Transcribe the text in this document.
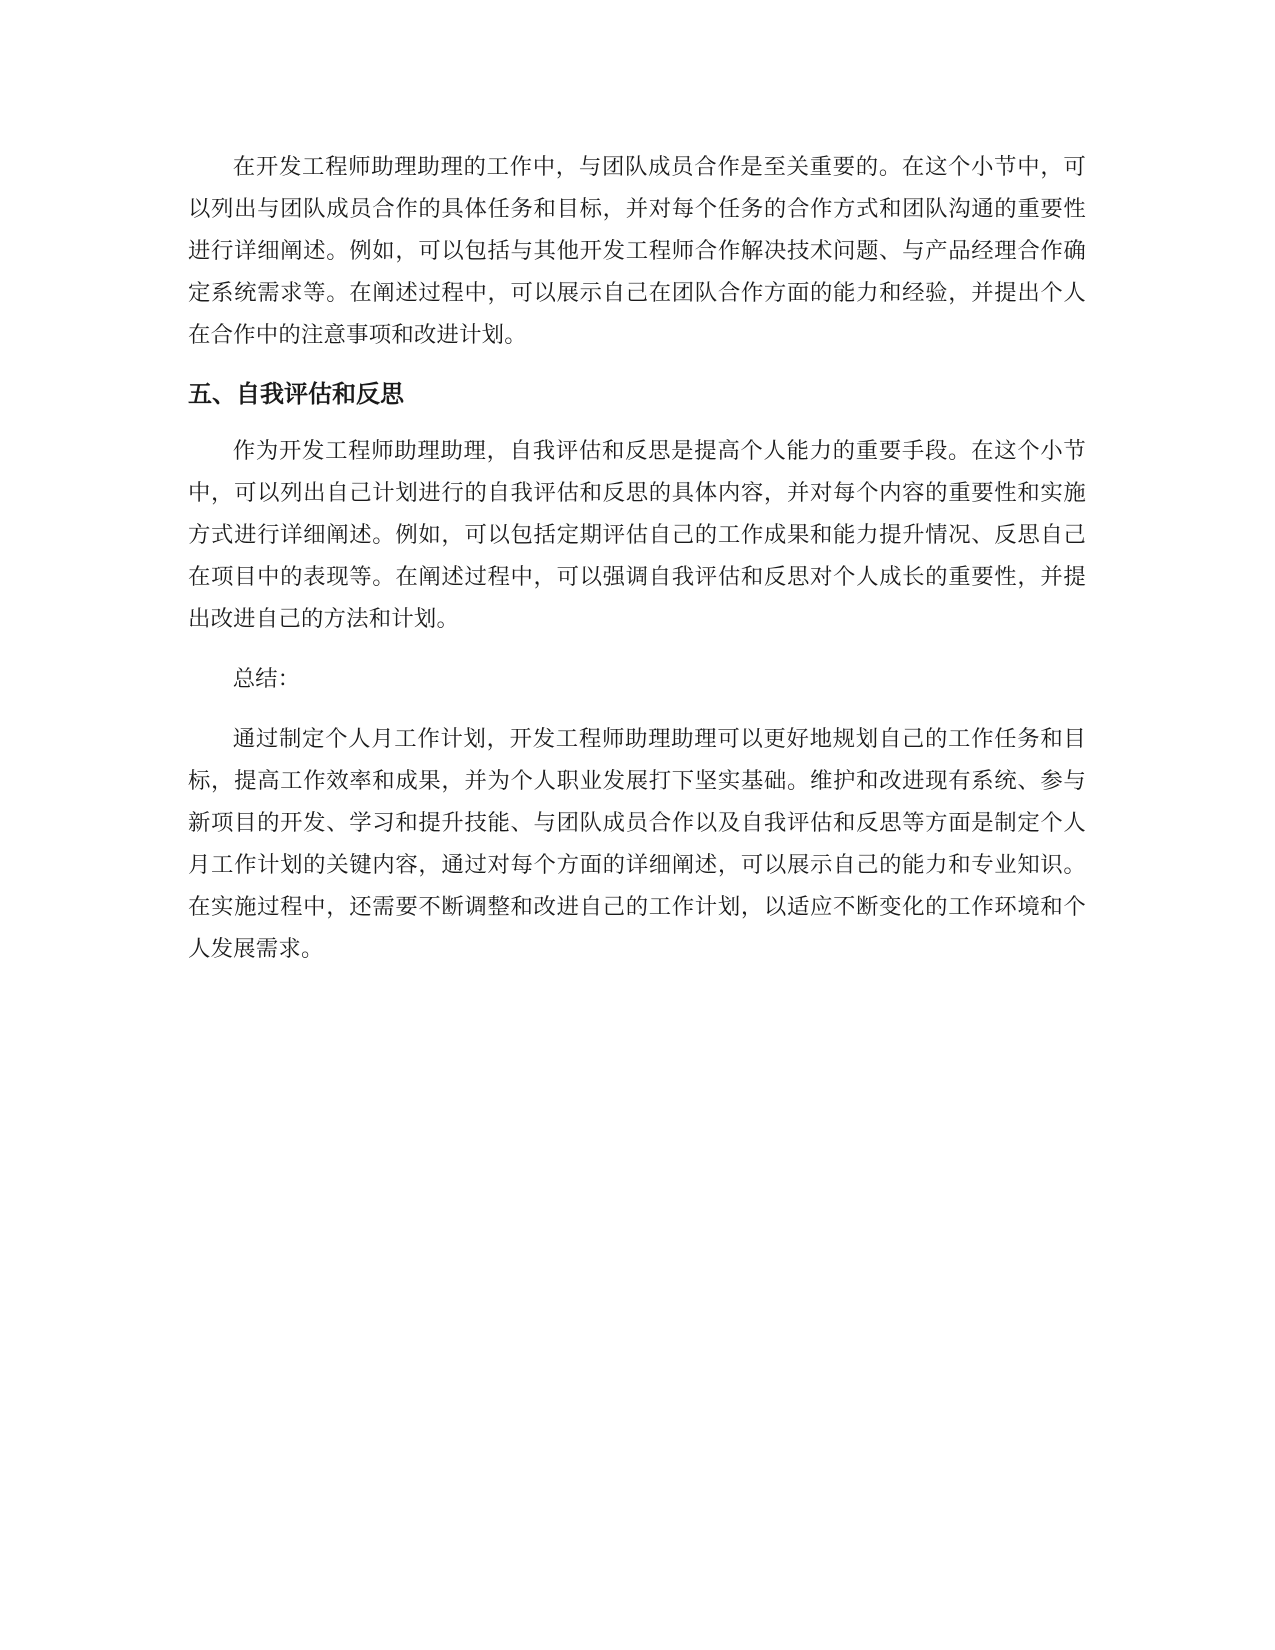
在开发工程师助理助理的工作中，与团队成员合作是至关重要的。在这个小节中，可以列出与团队成员合作的具体任务和目标，并对每个任务的合作方式和团队沟通的重要性进行详细阐述。例如，可以包括与其他开发工程师合作解决技术问题、与产品经理合作确定系统需求等。在阐述过程中，可以展示自己在团队合作方面的能力和经验，并提出个人在合作中的注意事项和改进计划。

五、自我评估和反思

作为开发工程师助理助理，自我评估和反思是提高个人能力的重要手段。在这个小节中，可以列出自己计划进行的自我评估和反思的具体内容，并对每个内容的重要性和实施方式进行详细阐述。例如，可以包括定期评估自己的工作成果和能力提升情况、反思自己在项目中的表现等。在阐述过程中，可以强调自我评估和反思对个人成长的重要性，并提出改进自己的方法和计划。

总结：

通过制定个人月工作计划，开发工程师助理助理可以更好地规划自己的工作任务和目标，提高工作效率和成果，并为个人职业发展打下坚实基础。维护和改进现有系统、参与新项目的开发、学习和提升技能、与团队成员合作以及自我评估和反思等方面是制定个人月工作计划的关键内容，通过对每个方面的详细阐述，可以展示自己的能力和专业知识。在实施过程中，还需要不断调整和改进自己的工作计划，以适应不断变化的工作环境和个人发展需求。
